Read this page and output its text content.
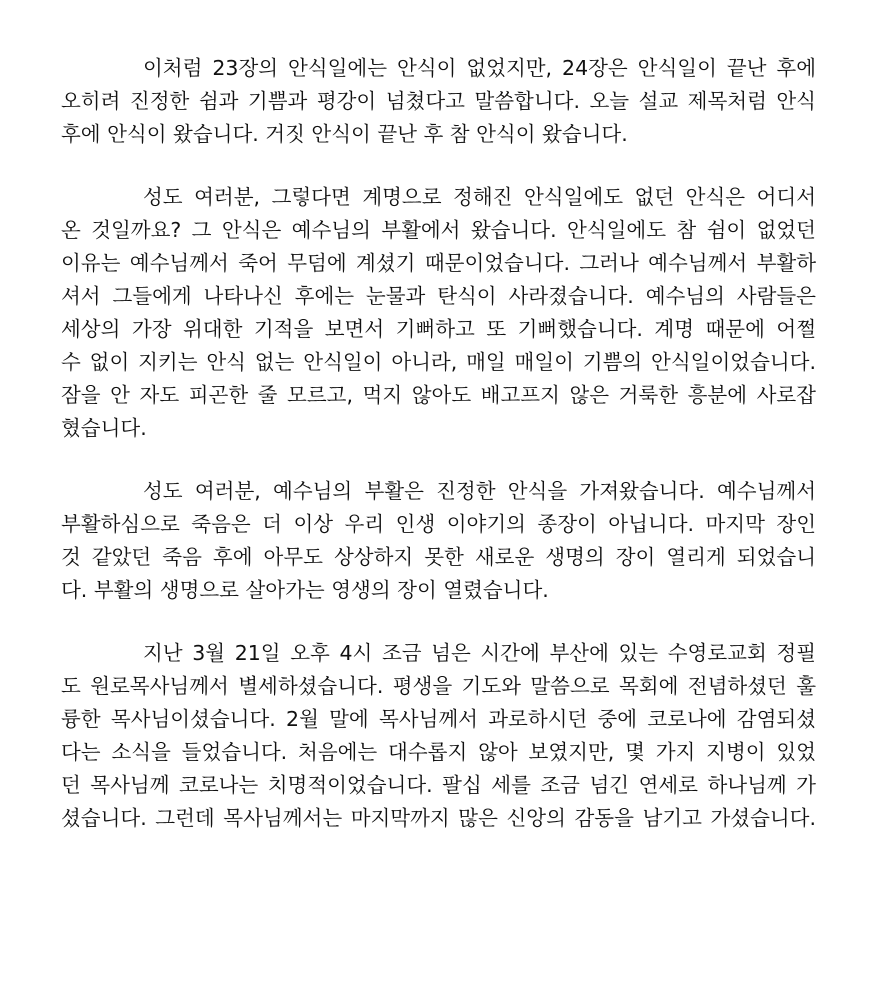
이처럼 23장의 안식일에는 안식이 없었지만, 24장은 안식일이 끝난 후에
오히려 진정한 쉼과 기쁨과 평강이 넘쳤다고 말씀합니다. 오늘 설교 제목처럼 안식
후에 안식이 왔습니다. 거짓 안식이 끝난 후 참 안식이 왔습니다.
성도 여러분, 그렇다면 계명으로 정해진 안식일에도 없던 안식은 어디서
온 것일까요? 그 안식은 예수님의 부활에서 왔습니다. 안식일에도 참 쉼이 없었던
이유는 예수님께서 죽어 무덤에 계셨기 때문이었습니다. 그러나 예수님께서 부활하
셔서 그들에게 나타나신 후에는 눈물과 탄식이 사라졌습니다. 예수님의 사람들은
세상의 가장 위대한 기적을 보면서 기뻐하고 또 기뻐했습니다. 계명 때문에 어쩔
수 없이 지키는 안식 없는 안식일이 아니라, 매일 매일이 기쁨의 안식일이었습니다.
잠을 안 자도 피곤한 줄 모르고, 먹지 않아도 배고프지 않은 거룩한 흥분에 사로잡
혔습니다.
성도 여러분, 예수님의 부활은 진정한 안식을 가져왔습니다. 예수님께서
부활하심으로 죽음은 더 이상 우리 인생 이야기의 종장이 아닙니다. 마지막 장인
것 같았던 죽음 후에 아무도 상상하지 못한 새로운 생명의 장이 열리게 되었습니
다. 부활의 생명으로 살아가는 영생의 장이 열렸습니다.
지난 3월 21일 오후 4시 조금 넘은 시간에 부산에 있는 수영로교회 정필
도 원로목사님께서 별세하셨습니다. 평생을 기도와 말씀으로 목회에 전념하셨던 훌
륭한 목사님이셨습니다. 2월 말에 목사님께서 과로하시던 중에 코로나에 감염되셨
다는 소식을 들었습니다. 처음에는 대수롭지 않아 보였지만, 몇 가지 지병이 있었
던 목사님께 코로나는 치명적이었습니다. 팔십 세를 조금 넘긴 연세로 하나님께 가
셨습니다. 그런데 목사님께서는 마지막까지 많은 신앙의 감동을 남기고 가셨습니다.
